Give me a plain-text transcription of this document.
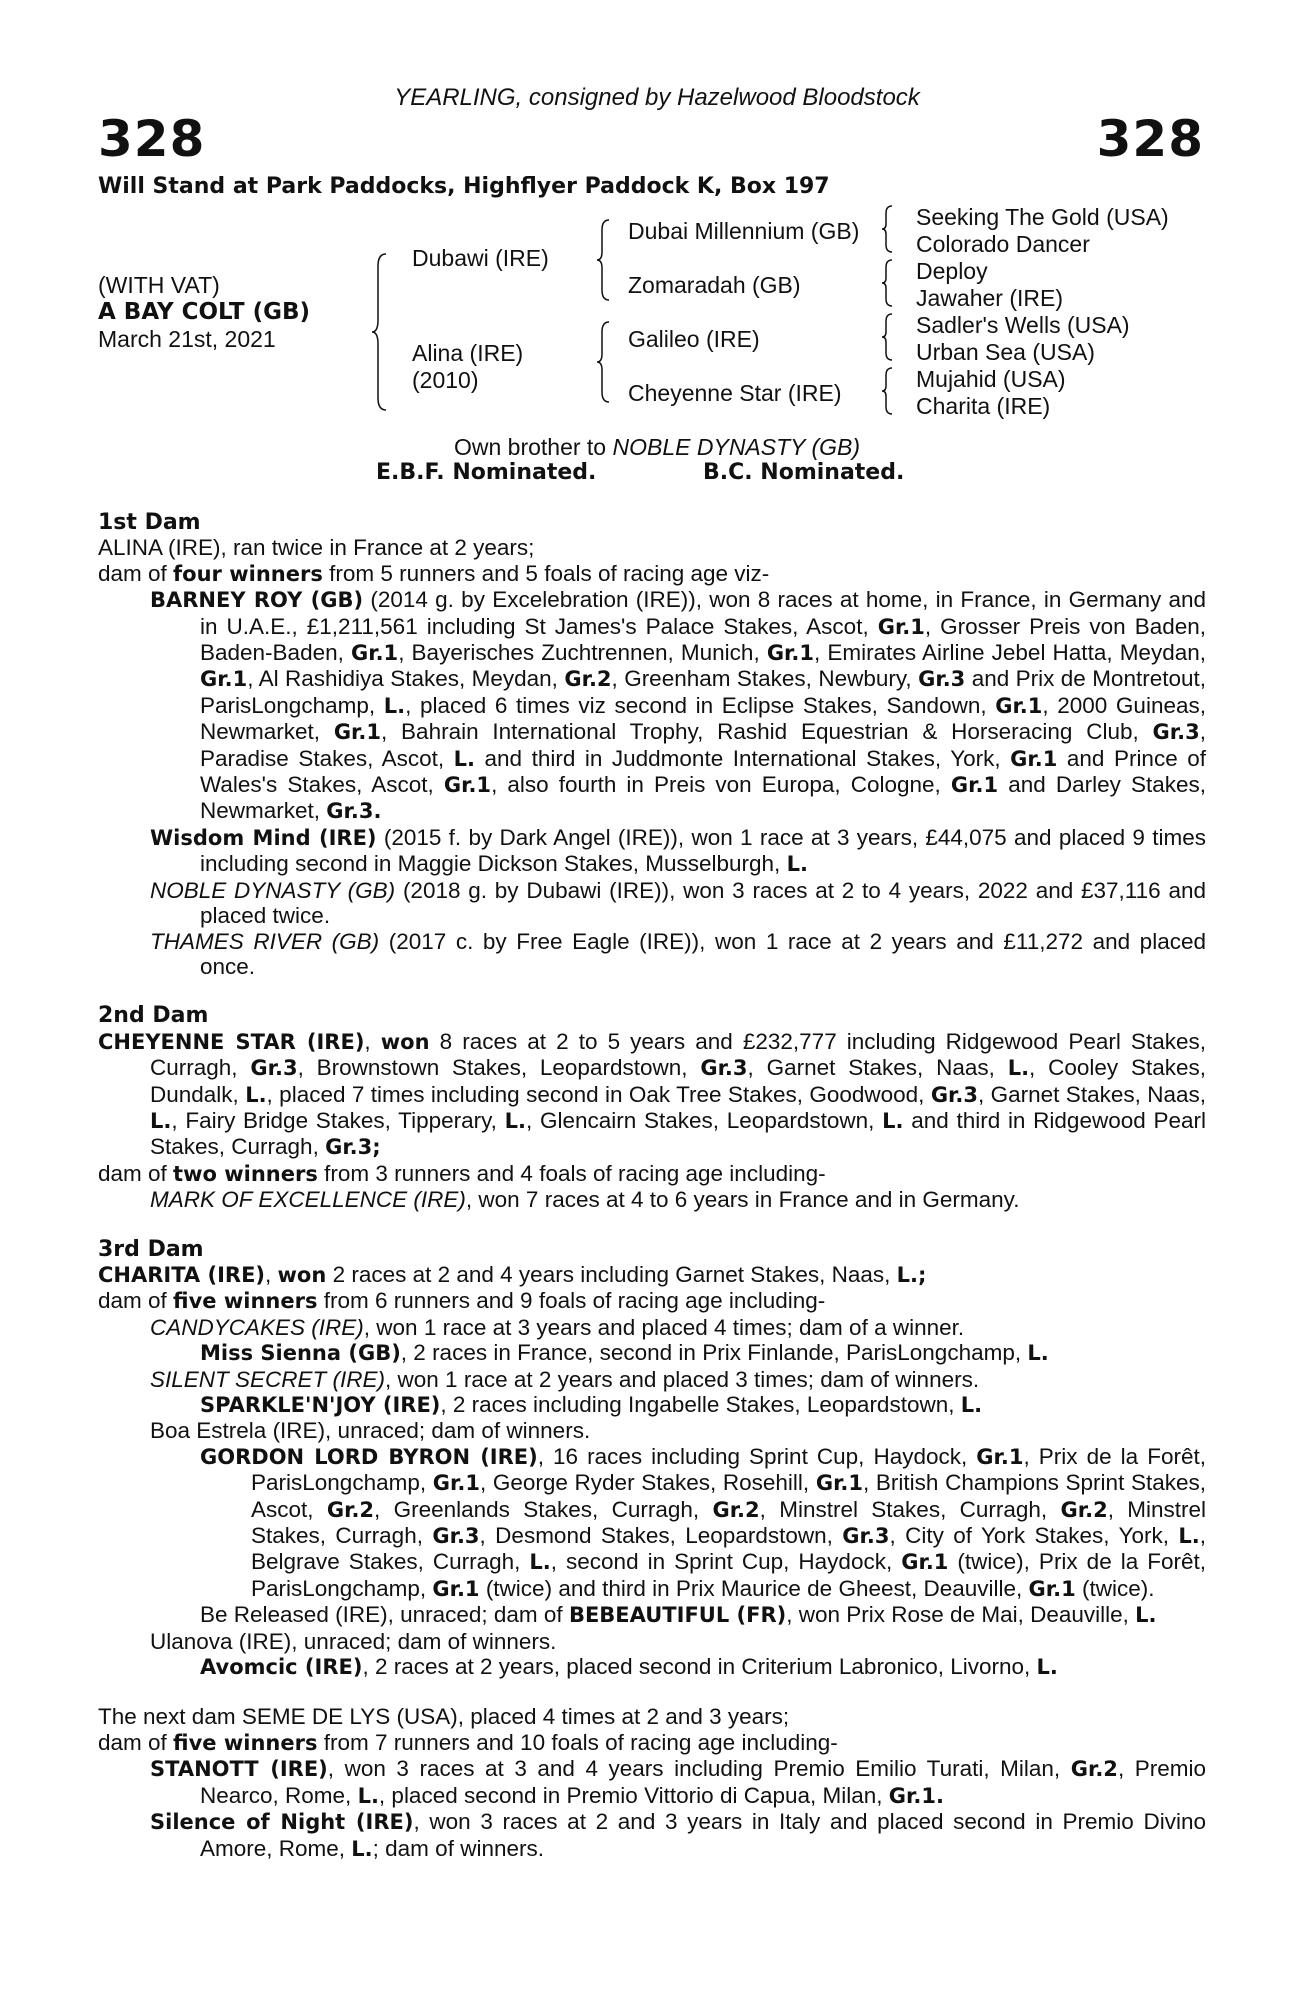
YEARLING, consigned by Hazelwood Bloodstock
328	328
Will Stand at Park Paddocks, Highflyer Paddock K, Box 197
(WITH VAT)
A BAY COLT (GB)
March 21st, 2021
Dubawi (IRE)
Alina (IRE)
(2010)
Dubai Millennium (GB)
Zomaradah (GB)
Galileo (IRE)
Cheyenne Star (IRE)
Seeking The Gold (USA)
Colorado Dancer
Deploy
Jawaher (IRE)
Sadler's Wells (USA)
Urban Sea (USA)
Mujahid (USA)
Charita (IRE)
Own brother to NOBLE DYNASTY (GB)
E.B.F. Nominated.	B.C. Nominated.
1st Dam
ALINA (IRE), ran twice in France at 2 years;
dam of four winners from 5 runners and 5 foals of racing age viz-
BARNEY ROY (GB) (2014 g. by Excelebration (IRE)), won 8 races at home, in France, in Germany and in U.A.E., £1,211,561 including St James's Palace Stakes, Ascot, Gr.1, Grosser Preis von Baden, Baden-Baden, Gr.1, Bayerisches Zuchtrennen, Munich, Gr.1, Emirates Airline Jebel Hatta, Meydan, Gr.1, Al Rashidiya Stakes, Meydan, Gr.2, Greenham Stakes, Newbury, Gr.3 and Prix de Montretout, ParisLongchamp, L., placed 6 times viz second in Eclipse Stakes, Sandown, Gr.1, 2000 Guineas, Newmarket, Gr.1, Bahrain International Trophy, Rashid Equestrian & Horseracing Club, Gr.3, Paradise Stakes, Ascot, L. and third in Juddmonte International Stakes, York, Gr.1 and Prince of Wales's Stakes, Ascot, Gr.1, also fourth in Preis von Europa, Cologne, Gr.1 and Darley Stakes, Newmarket, Gr.3.
Wisdom Mind (IRE) (2015 f. by Dark Angel (IRE)), won 1 race at 3 years, £44,075 and placed 9 times including second in Maggie Dickson Stakes, Musselburgh, L.
NOBLE DYNASTY (GB) (2018 g. by Dubawi (IRE)), won 3 races at 2 to 4 years, 2022 and £37,116 and placed twice.
THAMES RIVER (GB) (2017 c. by Free Eagle (IRE)), won 1 race at 2 years and £11,272 and placed once.
2nd Dam
CHEYENNE STAR (IRE), won 8 races at 2 to 5 years and £232,777 including Ridgewood Pearl Stakes, Curragh, Gr.3, Brownstown Stakes, Leopardstown, Gr.3, Garnet Stakes, Naas, L., Cooley Stakes, Dundalk, L., placed 7 times including second in Oak Tree Stakes, Goodwood, Gr.3, Garnet Stakes, Naas, L., Fairy Bridge Stakes, Tipperary, L., Glencairn Stakes, Leopardstown, L. and third in Ridgewood Pearl Stakes, Curragh, Gr.3;
dam of two winners from 3 runners and 4 foals of racing age including-
MARK OF EXCELLENCE (IRE), won 7 races at 4 to 6 years in France and in Germany.
3rd Dam
CHARITA (IRE), won 2 races at 2 and 4 years including Garnet Stakes, Naas, L.;
dam of five winners from 6 runners and 9 foals of racing age including-
CANDYCAKES (IRE), won 1 race at 3 years and placed 4 times; dam of a winner.
Miss Sienna (GB), 2 races in France, second in Prix Finlande, ParisLongchamp, L.
SILENT SECRET (IRE), won 1 race at 2 years and placed 3 times; dam of winners.
SPARKLE'N'JOY (IRE), 2 races including Ingabelle Stakes, Leopardstown, L.
Boa Estrela (IRE), unraced; dam of winners.
GORDON LORD BYRON (IRE), 16 races including Sprint Cup, Haydock, Gr.1, Prix de la Forêt, ParisLongchamp, Gr.1, George Ryder Stakes, Rosehill, Gr.1, British Champions Sprint Stakes, Ascot, Gr.2, Greenlands Stakes, Curragh, Gr.2, Minstrel Stakes, Curragh, Gr.2, Minstrel Stakes, Curragh, Gr.3, Desmond Stakes, Leopardstown, Gr.3, City of York Stakes, York, L., Belgrave Stakes, Curragh, L., second in Sprint Cup, Haydock, Gr.1 (twice), Prix de la Forêt, ParisLongchamp, Gr.1 (twice) and third in Prix Maurice de Gheest, Deauville, Gr.1 (twice).
Be Released (IRE), unraced; dam of BEBEAUTIFUL (FR), won Prix Rose de Mai, Deauville, L.
Ulanova (IRE), unraced; dam of winners.
Avomcic (IRE), 2 races at 2 years, placed second in Criterium Labronico, Livorno, L.
The next dam SEME DE LYS (USA), placed 4 times at 2 and 3 years;
dam of five winners from 7 runners and 10 foals of racing age including-
STANOTT (IRE), won 3 races at 3 and 4 years including Premio Emilio Turati, Milan, Gr.2, Premio Nearco, Rome, L., placed second in Premio Vittorio di Capua, Milan, Gr.1.
Silence of Night (IRE), won 3 races at 2 and 3 years in Italy and placed second in Premio Divino Amore, Rome, L.; dam of winners.
